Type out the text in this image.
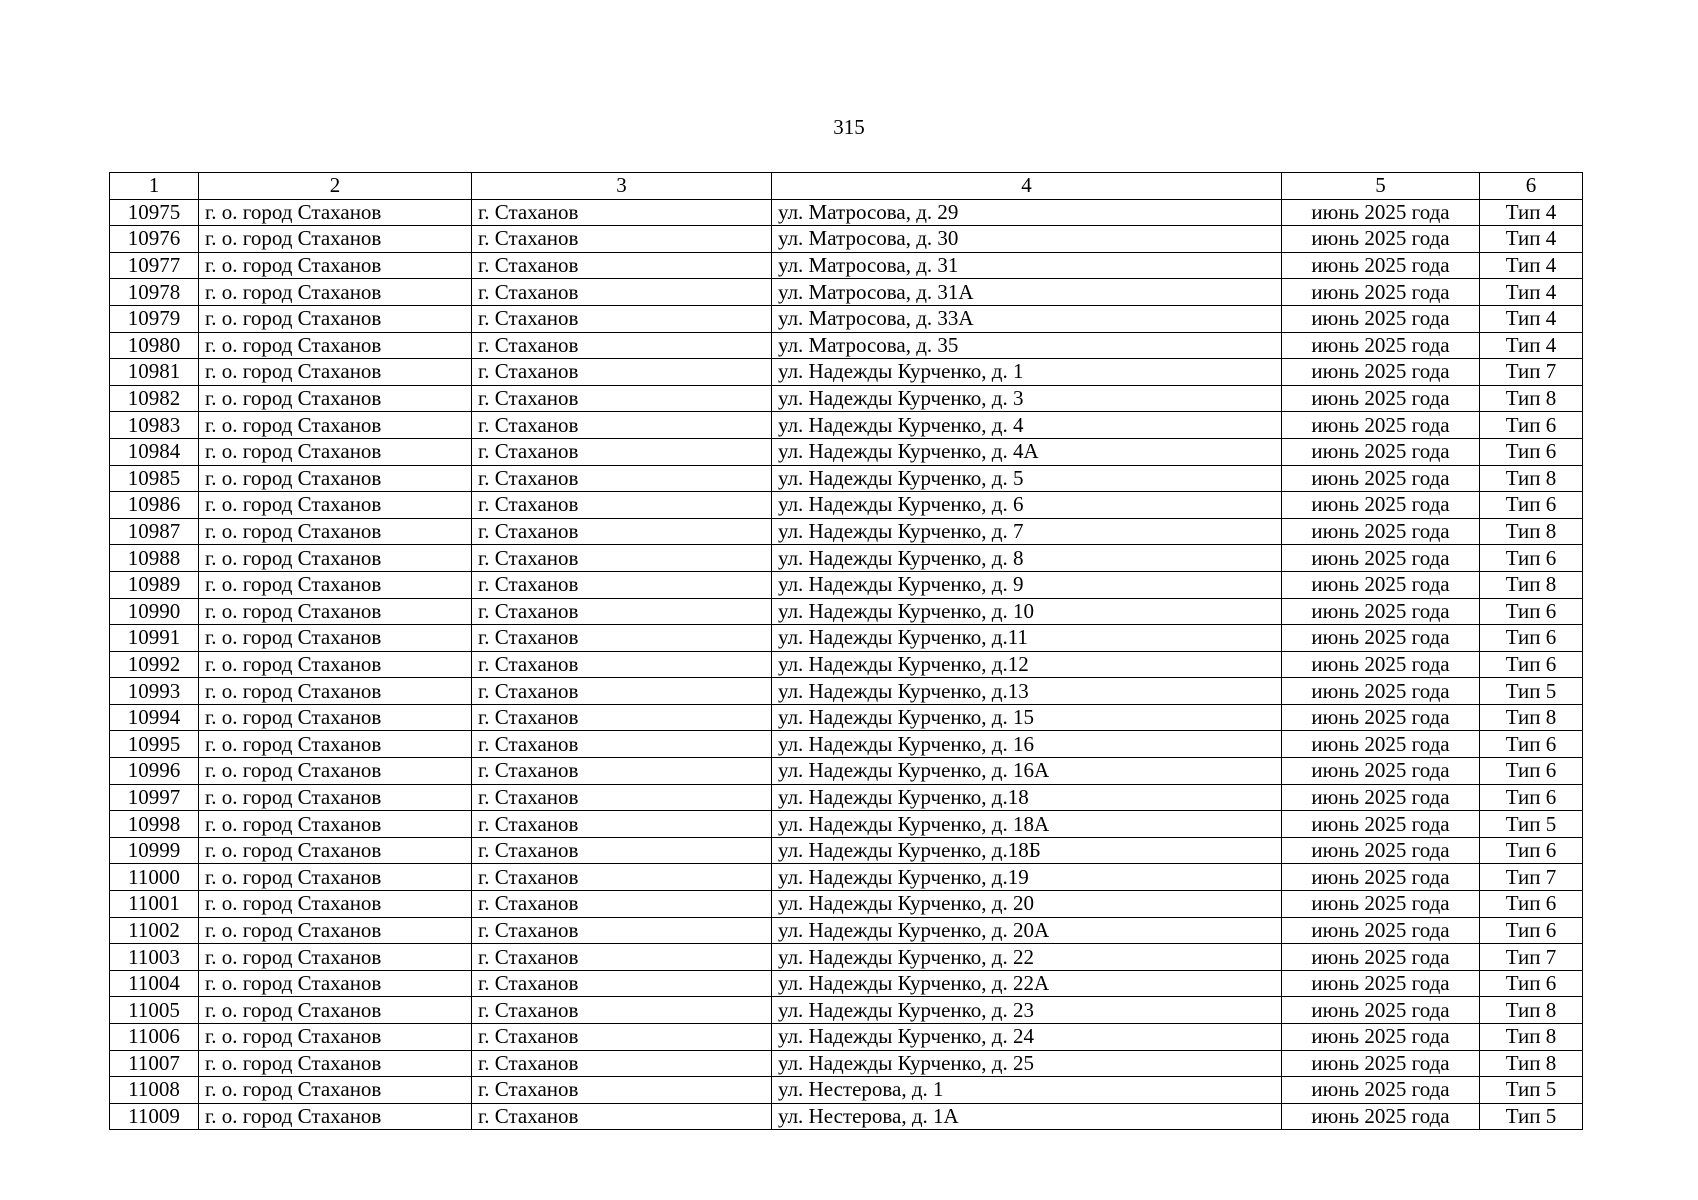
315
1	2	3	4	5	6
10975	г. о. город Стаханов	г. Стаханов	ул. Матросова, д. 29	июнь 2025 года	Тип 4
10976	г. о. город Стаханов	г. Стаханов	ул. Матросова, д. 30	июнь 2025 года	Тип 4
10977	г. о. город Стаханов	г. Стаханов	ул. Матросова, д. 31	июнь 2025 года	Тип 4
10978	г. о. город Стаханов	г. Стаханов	ул. Матросова, д. 31А	июнь 2025 года	Тип 4
10979	г. о. город Стаханов	г. Стаханов	ул. Матросова, д. 33А	июнь 2025 года	Тип 4
10980	г. о. город Стаханов	г. Стаханов	ул. Матросова, д. 35	июнь 2025 года	Тип 4
10981	г. о. город Стаханов	г. Стаханов	ул. Надежды Курченко, д. 1	июнь 2025 года	Тип 7
10982	г. о. город Стаханов	г. Стаханов	ул. Надежды Курченко, д. 3	июнь 2025 года	Тип 8
10983	г. о. город Стаханов	г. Стаханов	ул. Надежды Курченко, д. 4	июнь 2025 года	Тип 6
10984	г. о. город Стаханов	г. Стаханов	ул. Надежды Курченко, д. 4А	июнь 2025 года	Тип 6
10985	г. о. город Стаханов	г. Стаханов	ул. Надежды Курченко, д. 5	июнь 2025 года	Тип 8
10986	г. о. город Стаханов	г. Стаханов	ул. Надежды Курченко, д. 6	июнь 2025 года	Тип 6
10987	г. о. город Стаханов	г. Стаханов	ул. Надежды Курченко, д. 7	июнь 2025 года	Тип 8
10988	г. о. город Стаханов	г. Стаханов	ул. Надежды Курченко, д. 8	июнь 2025 года	Тип 6
10989	г. о. город Стаханов	г. Стаханов	ул. Надежды Курченко, д. 9	июнь 2025 года	Тип 8
10990	г. о. город Стаханов	г. Стаханов	ул. Надежды Курченко, д. 10	июнь 2025 года	Тип 6
10991	г. о. город Стаханов	г. Стаханов	ул. Надежды Курченко, д.11	июнь 2025 года	Тип 6
10992	г. о. город Стаханов	г. Стаханов	ул. Надежды Курченко, д.12	июнь 2025 года	Тип 6
10993	г. о. город Стаханов	г. Стаханов	ул. Надежды Курченко, д.13	июнь 2025 года	Тип 5
10994	г. о. город Стаханов	г. Стаханов	ул. Надежды Курченко, д. 15	июнь 2025 года	Тип 8
10995	г. о. город Стаханов	г. Стаханов	ул. Надежды Курченко, д. 16	июнь 2025 года	Тип 6
10996	г. о. город Стаханов	г. Стаханов	ул. Надежды Курченко, д. 16А	июнь 2025 года	Тип 6
10997	г. о. город Стаханов	г. Стаханов	ул. Надежды Курченко, д.18	июнь 2025 года	Тип 6
10998	г. о. город Стаханов	г. Стаханов	ул. Надежды Курченко, д. 18А	июнь 2025 года	Тип 5
10999	г. о. город Стаханов	г. Стаханов	ул. Надежды Курченко, д.18Б	июнь 2025 года	Тип 6
11000	г. о. город Стаханов	г. Стаханов	ул. Надежды Курченко, д.19	июнь 2025 года	Тип 7
11001	г. о. город Стаханов	г. Стаханов	ул. Надежды Курченко, д. 20	июнь 2025 года	Тип 6
11002	г. о. город Стаханов	г. Стаханов	ул. Надежды Курченко, д. 20А	июнь 2025 года	Тип 6
11003	г. о. город Стаханов	г. Стаханов	ул. Надежды Курченко, д. 22	июнь 2025 года	Тип 7
11004	г. о. город Стаханов	г. Стаханов	ул. Надежды Курченко, д. 22А	июнь 2025 года	Тип 6
11005	г. о. город Стаханов	г. Стаханов	ул. Надежды Курченко, д. 23	июнь 2025 года	Тип 8
11006	г. о. город Стаханов	г. Стаханов	ул. Надежды Курченко, д. 24	июнь 2025 года	Тип 8
11007	г. о. город Стаханов	г. Стаханов	ул. Надежды Курченко, д. 25	июнь 2025 года	Тип 8
11008	г. о. город Стаханов	г. Стаханов	ул. Нестерова, д. 1	июнь 2025 года	Тип 5
11009	г. о. город Стаханов	г. Стаханов	ул. Нестерова, д. 1А	июнь 2025 года	Тип 5
